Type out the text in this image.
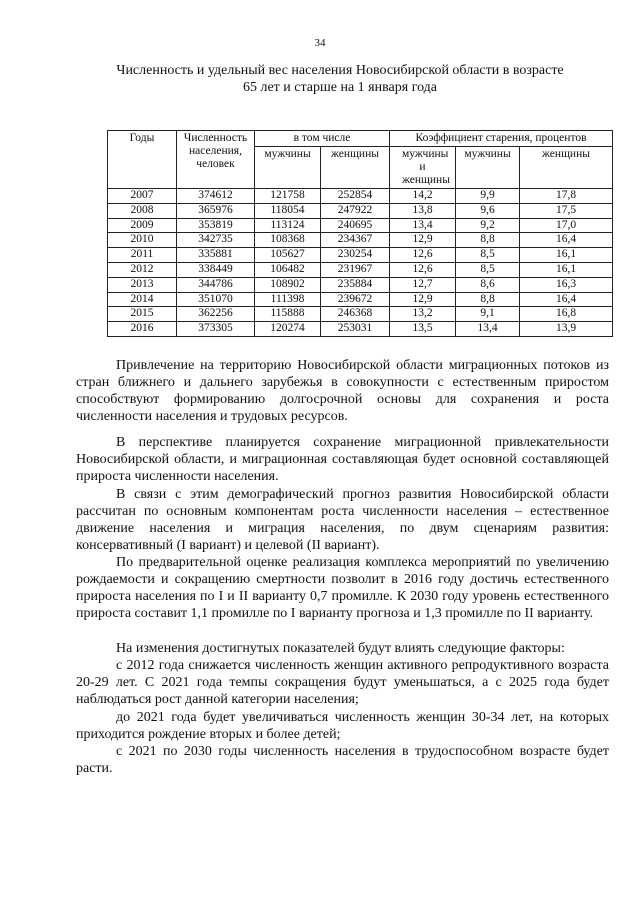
34
Численность и удельный вес населения Новосибирской области в возрасте
65 лет и старше на 1 января года
Годы	Численность населения, человек	в том числе		Коэффициент старения, процентов		
		мужчины	женщины	мужчины и женщины	мужчины	женщины
2007	374612	121758	252854	14,2	9,9	17,8
2008	365976	118054	247922	13,8	9,6	17,5
2009	353819	113124	240695	13,4	9,2	17,0
2010	342735	108368	234367	12,9	8,8	16,4
2011	335881	105627	230254	12,6	8,5	16,1
2012	338449	106482	231967	12,6	8,5	16,1
2013	344786	108902	235884	12,7	8,6	16,3
2014	351070	111398	239672	12,9	8,8	16,4
2015	362256	115888	246368	13,2	9,1	16,8
2016	373305	120274	253031	13,5	13,4	13,9

Привлечение на территорию Новосибирской области миграционных потоков из стран ближнего и дальнего зарубежья в совокупности с естественным приростом способствуют формированию долгосрочной основы для сохранения и роста численности населения и трудовых ресурсов.

В перспективе планируется сохранение миграционной привлекательности Новосибирской области, и миграционная составляющая будет основной составляющей прироста численности населения.

В связи с этим демографический прогноз развития Новосибирской области рассчитан по основным компонентам роста численности населения – естественное движение населения и миграция населения, по двум сценариям развития: консервативный (I вариант) и целевой (II вариант).

По предварительной оценке реализация комплекса мероприятий по увеличению рождаемости и сокращению смертности позволит в 2016 году достичь естественного прироста населения по I и II варианту 0,7 промилле. К 2030 году уровень естественного прироста составит 1,1 промилле по I варианту прогноза и 1,3 промилле по II варианту.

На изменения достигнутых показателей будут влиять следующие факторы:

с 2012 года снижается численность женщин активного репродуктивного возраста 20-29 лет. С 2021 года темпы сокращения будут уменьшаться, а с 2025 года будет наблюдаться рост данной категории населения;

до 2021 года будет увеличиваться численность женщин 30-34 лет, на которых приходится рождение вторых и более детей;

с 2021 по 2030 годы численность населения в трудоспособном возрасте будет расти.
